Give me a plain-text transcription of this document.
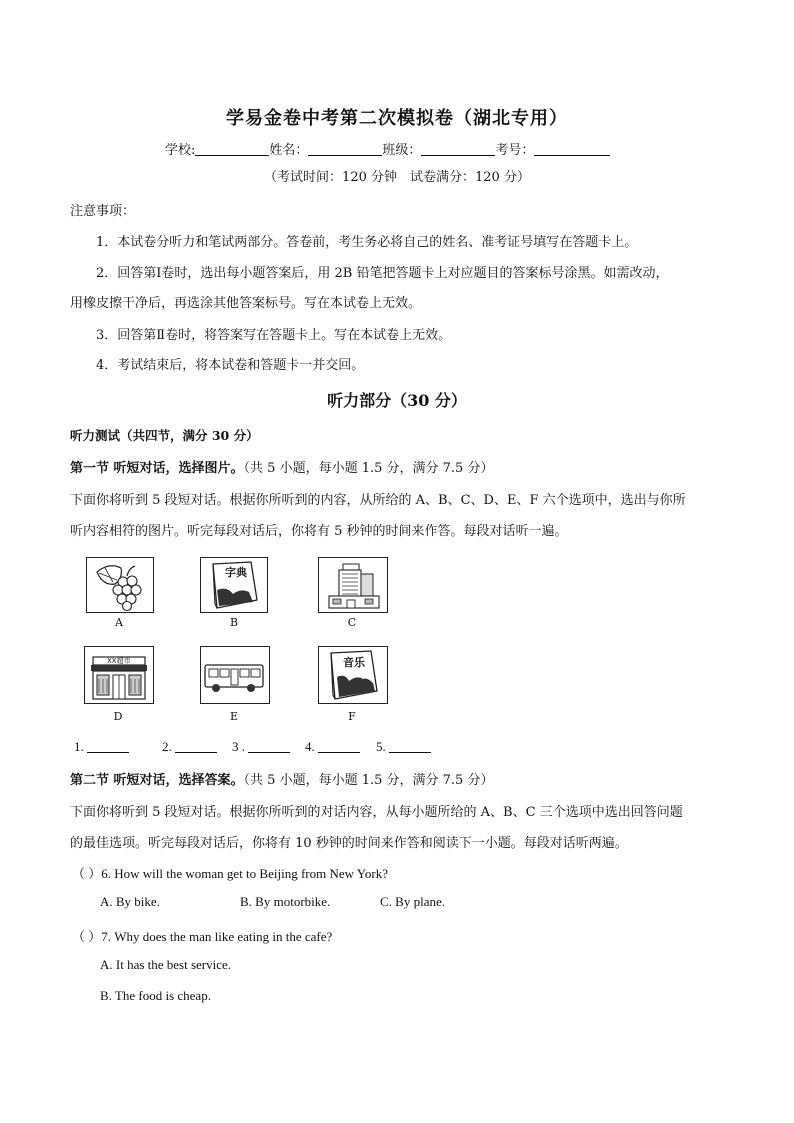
学易金卷中考第二次模拟卷（湖北专用）
学校:	姓名：	班级：	考号：
（考试时间：120 分钟　试卷满分：120 分）
注意事项：
1．本试卷分听力和笔试两部分。答卷前，考生务必将自己的姓名、准考证号填写在答题卡上。
2．回答第Ⅰ卷时，选出每小题答案后，用 2B 铅笔把答题卡上对应题目的答案标号涂黑。如需改动，
用橡皮擦干净后，再选涂其他答案标号。写在本试卷上无效。
3．回答第Ⅱ卷时，将答案写在答题卡上。写在本试卷上无效。
4．考试结束后，将本试卷和答题卡一并交回。
听力部分（30 分）
听力测试（共四节，满分 30 分）
第一节 听短对话，选择图片。（共 5 小题，每小题 1.5 分，满分 7.5 分）
下面你将听到 5 段短对话。根据你所听到的内容，从所给的 A、B、C、D、E、F 六个选项中，选出与你所
听内容相符的图片。听完每段对话后，你将有 5 秒钟的时间来作答。每段对话听一遍。
A
字典
B	C
XX超市
D	E
音乐
F
1.	2.	3 .	4.	5.
第二节 听短对话，选择答案。（共 5 小题，每小题 1.5 分，满分 7.5 分）
下面你将听到 5 段短对话。根据你所听到的对话内容，从每小题所给的 A、B、C 三个选项中选出回答问题
的最佳选项。听完每段对话后，你将有 10 秒钟的时间来作答和阅读下一小题。每段对话听两遍。
（ ）6. How will the woman get to Beijing from New York?
A. By bike.	B. By motorbike.	C. By plane.
（ ）7. Why does the man like eating in the cafe?
A. It has the best service.
B. The food is cheap.
